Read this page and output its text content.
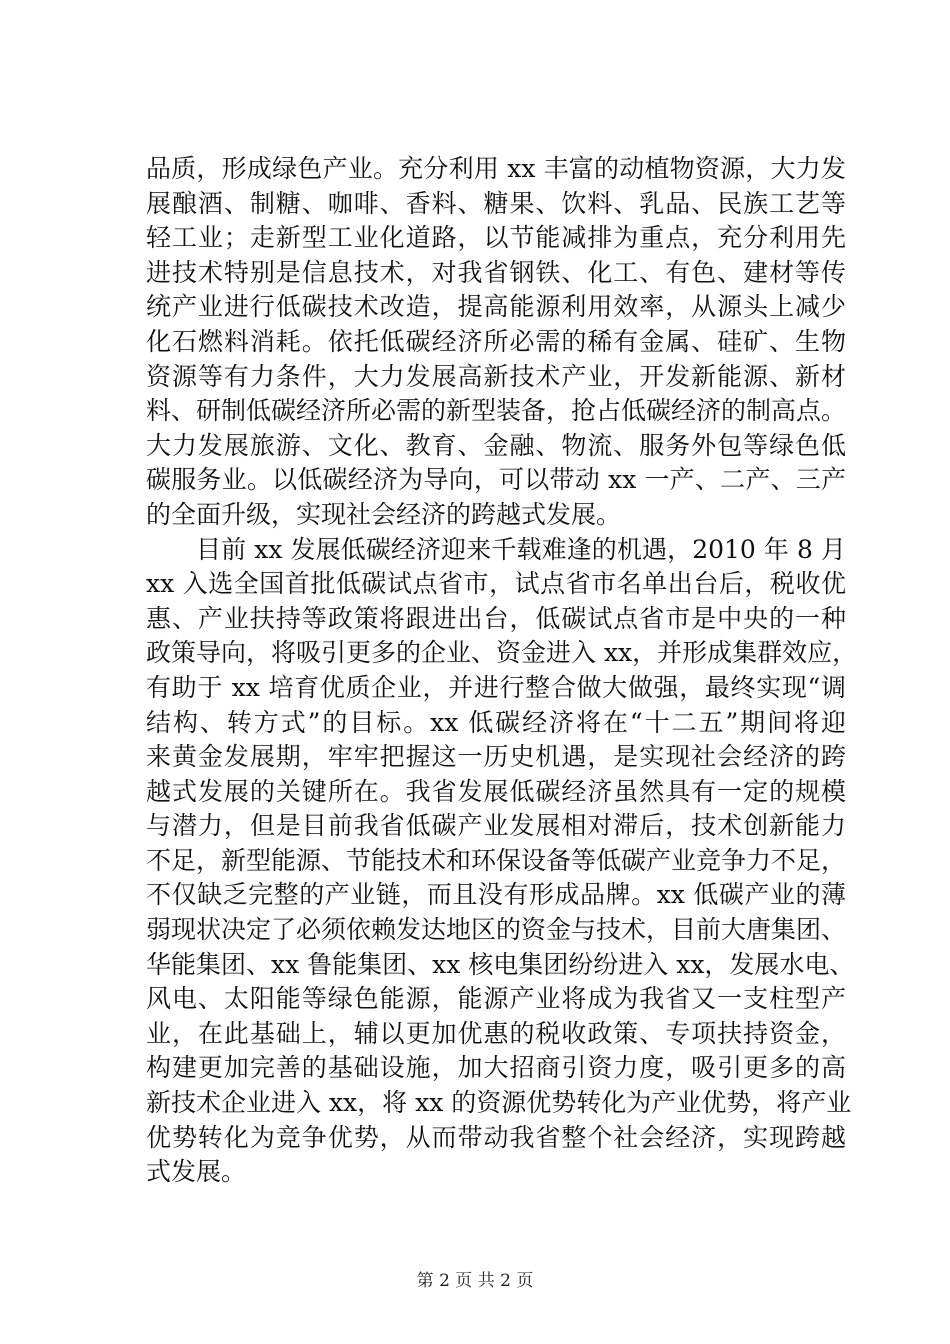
品质，形成绿色产业。充分利用 xx 丰富的动植物资源，大力发
展酿酒、制糖、咖啡、香料、糖果、饮料、乳品、民族工艺等
轻工业；走新型工业化道路，以节能减排为重点，充分利用先
进技术特别是信息技术，对我省钢铁、化工、有色、建材等传
统产业进行低碳技术改造，提高能源利用效率，从源头上减少
化石燃料消耗。依托低碳经济所必需的稀有金属、硅矿、生物
资源等有力条件，大力发展高新技术产业，开发新能源、新材
料、研制低碳经济所必需的新型装备，抢占低碳经济的制高点。
大力发展旅游、文化、教育、金融、物流、服务外包等绿色低
碳服务业。以低碳经济为导向，可以带动 xx 一产、二产、三产
的全面升级，实现社会经济的跨越式发展。
目前 xx 发展低碳经济迎来千载难逢的机遇，2010 年 8 月
xx 入选全国首批低碳试点省市，试点省市名单出台后，税收优
惠、产业扶持等政策将跟进出台，低碳试点省市是中央的一种
政策导向，将吸引更多的企业、资金进入 xx，并形成集群效应，
有助于 xx 培育优质企业，并进行整合做大做强，最终实现“调
结构、转方式”的目标。xx 低碳经济将在“十二五”期间将迎
来黄金发展期，牢牢把握这一历史机遇，是实现社会经济的跨
越式发展的关键所在。我省发展低碳经济虽然具有一定的规模
与潜力，但是目前我省低碳产业发展相对滞后，技术创新能力
不足，新型能源、节能技术和环保设备等低碳产业竞争力不足，
不仅缺乏完整的产业链，而且没有形成品牌。xx 低碳产业的薄
弱现状决定了必须依赖发达地区的资金与技术，目前大唐集团、
华能集团、xx 鲁能集团、xx 核电集团纷纷进入 xx，发展水电、
风电、太阳能等绿色能源，能源产业将成为我省又一支柱型产
业，在此基础上，辅以更加优惠的税收政策、专项扶持资金，
构建更加完善的基础设施，加大招商引资力度，吸引更多的高
新技术企业进入 xx，将 xx 的资源优势转化为产业优势，将产业
优势转化为竞争优势，从而带动我省整个社会经济，实现跨越
式发展。
第 2 页 共 2 页
